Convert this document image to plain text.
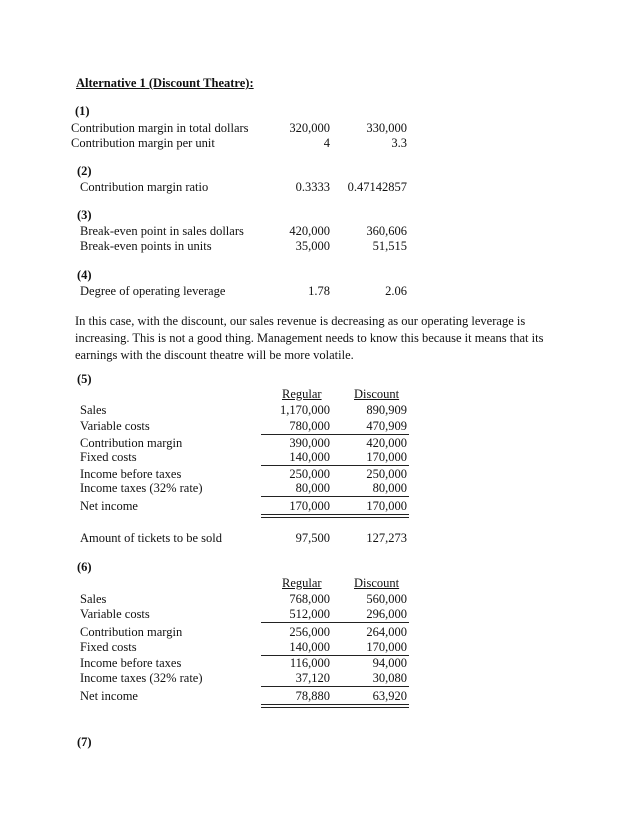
Alternative 1 (Discount Theatre):
(1)
Contribution margin in total dollars	320,000	330,000
Contribution margin per unit	4	3.3
(2)
Contribution margin ratio	0.3333	0.47142857
(3)
Break-even point in sales dollars	420,000	360,606
Break-even points in units	35,000	51,515
(4)
Degree of operating leverage	1.78	2.06
In this case, with the discount, our sales revenue is decreasing as our operating leverage is increasing. This is not a good thing. Management needs to know this because it means that its earnings with the discount theatre will be more volatile.
(5)
Regular	Discount
Sales	1,170,000	890,909
Variable costs	780,000	470,909
Contribution margin	390,000	420,000
Fixed costs	140,000	170,000
Income before taxes	250,000	250,000
Income taxes (32% rate)	80,000	80,000
Net income	170,000	170,000
Amount of tickets to be sold	97,500	127,273
(6)
Regular	Discount
Sales	768,000	560,000
Variable costs	512,000	296,000
Contribution margin	256,000	264,000
Fixed costs	140,000	170,000
Income before taxes	116,000	94,000
Income taxes (32% rate)	37,120	30,080
Net income	78,880	63,920
(7)
